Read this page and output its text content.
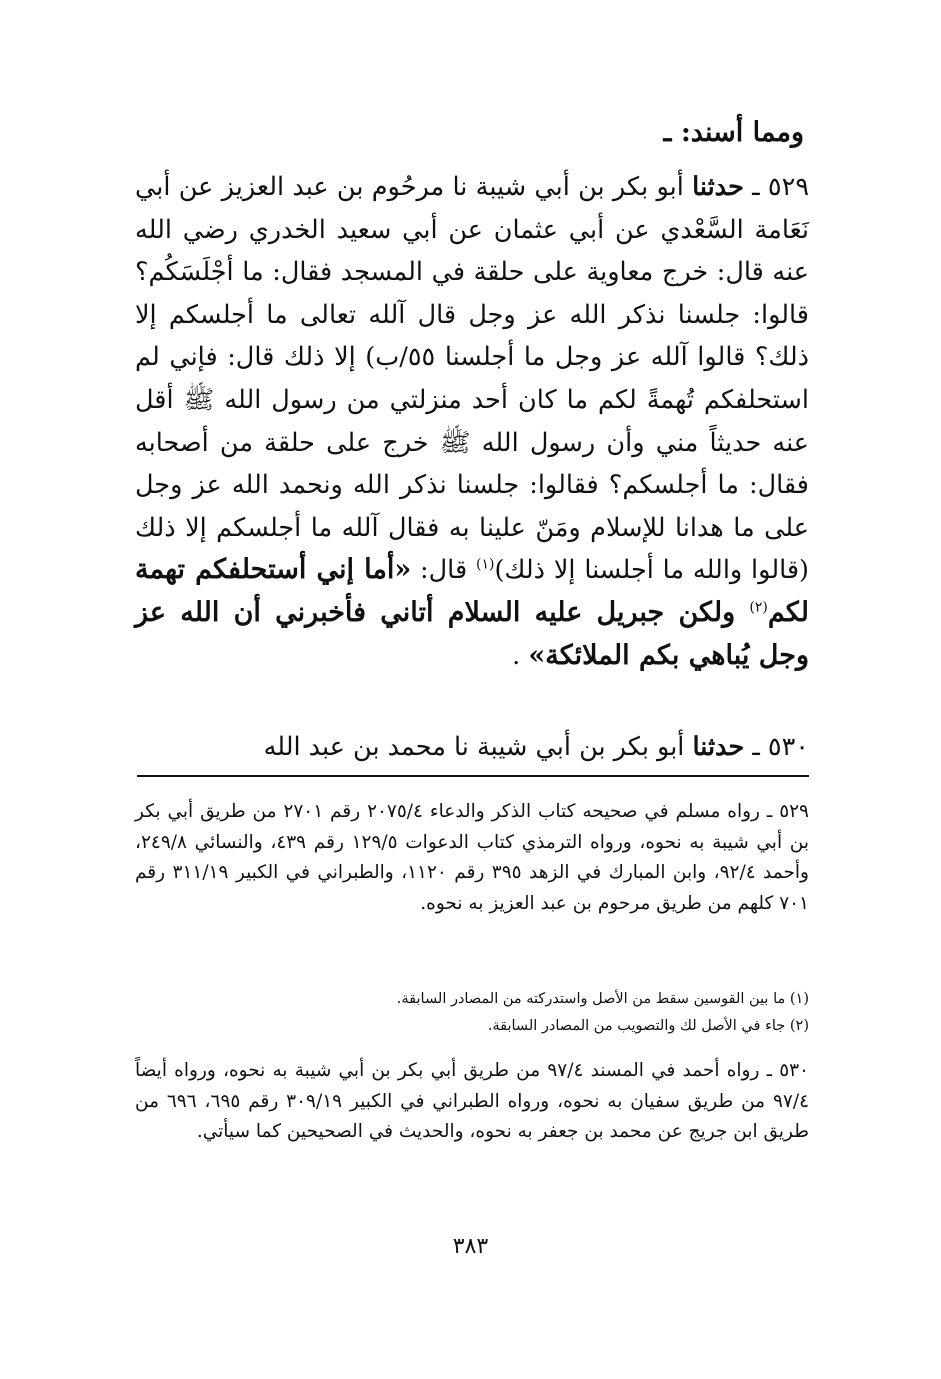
ومما أسند: ـ

٥٢٩ ـ حدثنا أبو بكر بن أبي شيبة نا مرحُوم بن عبد العزيز عن أبي نَعَامة السَّعْدي عن أبي عثمان عن أبي سعيد الخدري رضي الله عنه قال: خرج معاوية على حلقة في المسجد فقال: ما أجْلَسَكُم؟ قالوا: جلسنا نذكر الله عز وجل قال آلله تعالى ما أجلسكم إلا ذلك؟ قالوا آلله عز وجل ما أجلسنا ٥٥/ب) إلا ذلك قال: فإني لم استحلفكم تُهمةً لكم ما كان أحد منزلتي من رسول الله ﷺ أقل عنه حديثاً مني وأن رسول الله ﷺ خرج على حلقة من أصحابه فقال: ما أجلسكم؟ فقالوا: جلسنا نذكر الله ونحمد الله عز وجل على ما هدانا للإسلام ومَنّ علينا به فقال آلله ما أجلسكم إلا ذلك (قالوا والله ما أجلسنا إلا ذلك)$^{(١)}$ قال: «أما إني أستحلفكم تهمة لكم$^{(٢)}$ ولكن جبريل عليه السلام أتاني فأخبرني أن الله عز وجل يُباهي بكم الملائكة» .

٥٣٠ ـ حدثنا أبو بكر بن أبي شيبة نا محمد بن عبد الله

٥٢٩ ـ رواه مسلم في صحيحه كتاب الذكر والدعاء ٢٠٧٥/٤ رقم ٢٧٠١ من طريق أبي بكر بن أبي شيبة به نحوه، ورواه الترمذي كتاب الدعوات ١٢٩/٥ رقم ٤٣٩، والنسائي ٢٤٩/٨، وأحمد ٩٢/٤، وابن المبارك في الزهد ٣٩٥ رقم ١١٢٠، والطبراني في الكبير ٣١١/١٩ رقم ٧٠١ كلهم من طريق مرحوم بن عبد العزيز به نحوه.

(١) ما بين القوسين سقط من الأصل واستدركته من المصادر السابقة.

(٢) جاء في الأصل لك والتصويب من المصادر السابقة.

٥٣٠ ـ رواه أحمد في المسند ٩٧/٤ من طريق أبي بكر بن أبي شيبة به نحوه، ورواه أيضاً ٩٧/٤ من طريق سفيان به نحوه، ورواه الطبراني في الكبير ٣٠٩/١٩ رقم ٦٩٥، ٦٩٦ من طريق ابن جريج عن محمد بن جعفر به نحوه، والحديث في الصحيحين كما سيأتي.

٣٨٣
